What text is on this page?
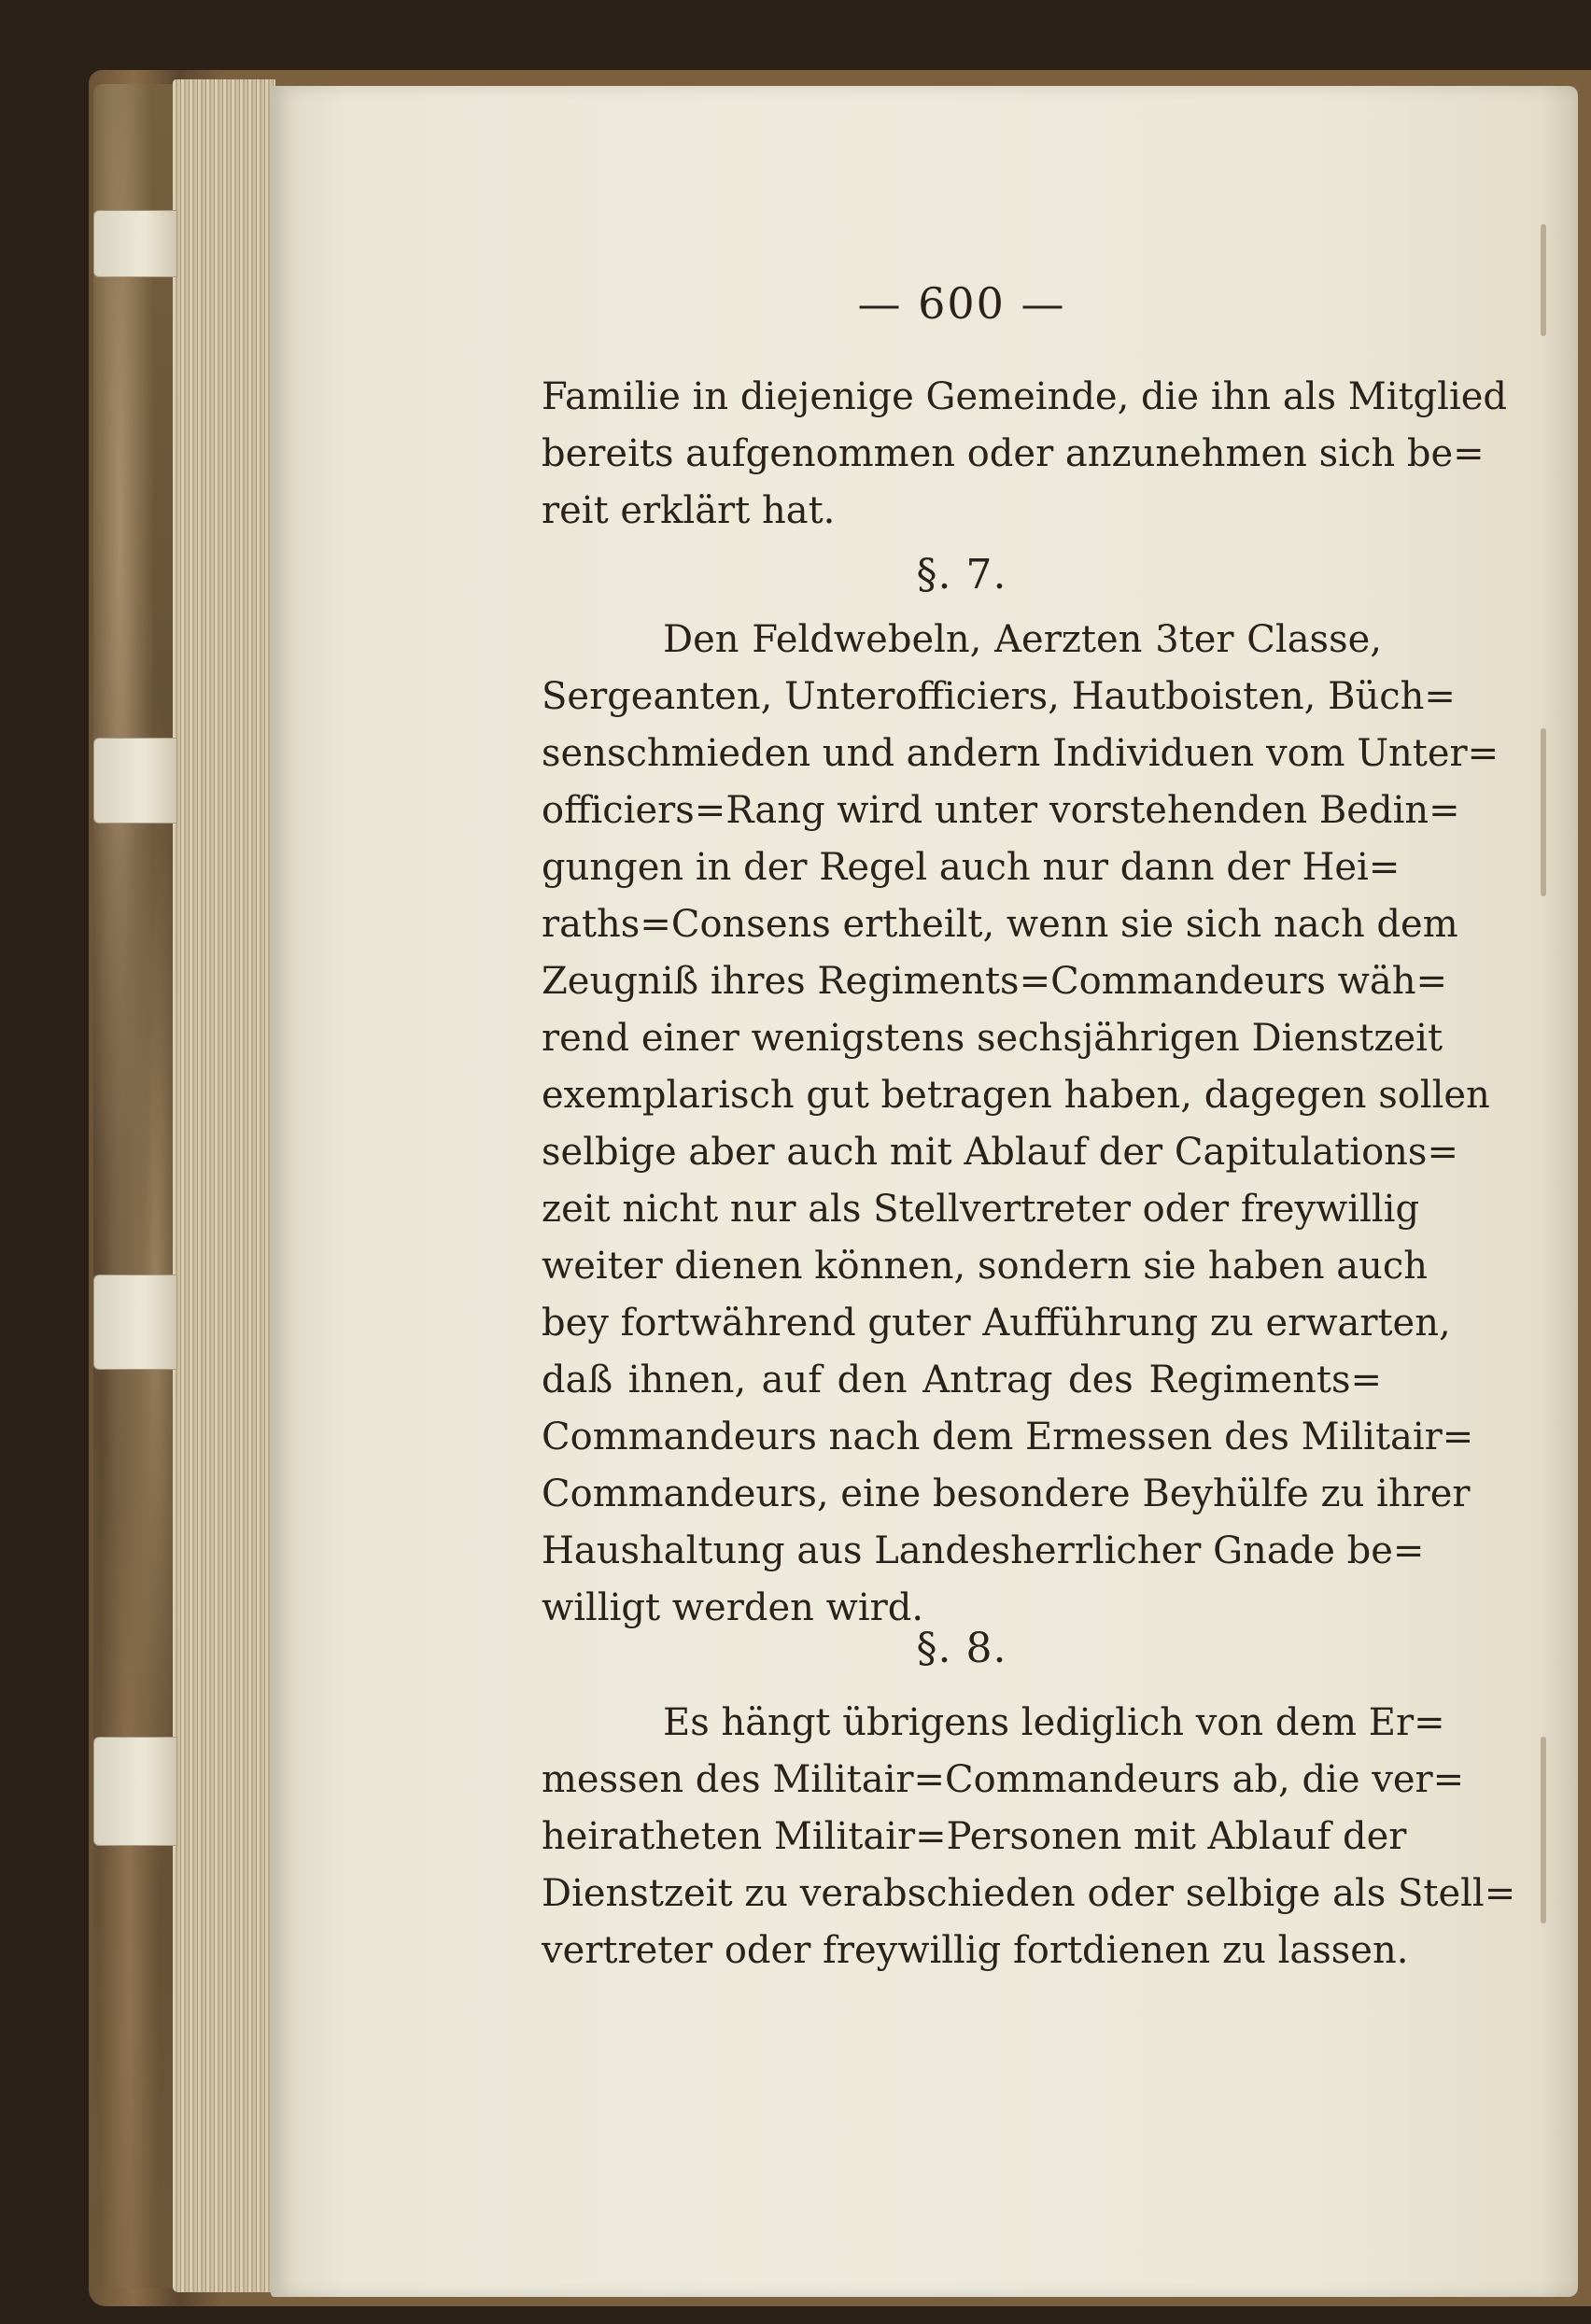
— 600 —

Familie in diejenige Gemeinde, die ihn als Mitglied
bereits aufgenommen oder anzunehmen sich be=
reit erklärt hat.

§. 7.

Den Feldwebeln, Aerzten 3ter Classe,
Sergeanten, Unterofficiers, Hautboisten, Büch=
senschmieden und andern Individuen vom Unter=
officiers=Rang wird unter vorstehenden Bedin=
gungen in der Regel auch nur dann der Hei=
raths=Consens ertheilt, wenn sie sich nach dem
Zeugniß ihres Regiments=Commandeurs wäh=
rend einer wenigstens sechsjährigen Dienstzeit
exemplarisch gut betragen haben, dagegen sollen
selbige aber auch mit Ablauf der Capitulations=
zeit nicht nur als Stellvertreter oder freywillig
weiter dienen können, sondern sie haben auch
bey fortwährend guter Aufführung zu erwarten,
daß ihnen, auf den Antrag des Regiments=
Commandeurs nach dem Ermessen des Militair=
Commandeurs, eine besondere Beyhülfe zu ihrer
Haushaltung aus Landesherrlicher Gnade be=
willigt werden wird.

§. 8.

Es hängt übrigens lediglich von dem Er=
messen des Militair=Commandeurs ab, die ver=
heiratheten Militair=Personen mit Ablauf der
Dienstzeit zu verabschieden oder selbige als Stell=
vertreter oder freywillig fortdienen zu lassen.
